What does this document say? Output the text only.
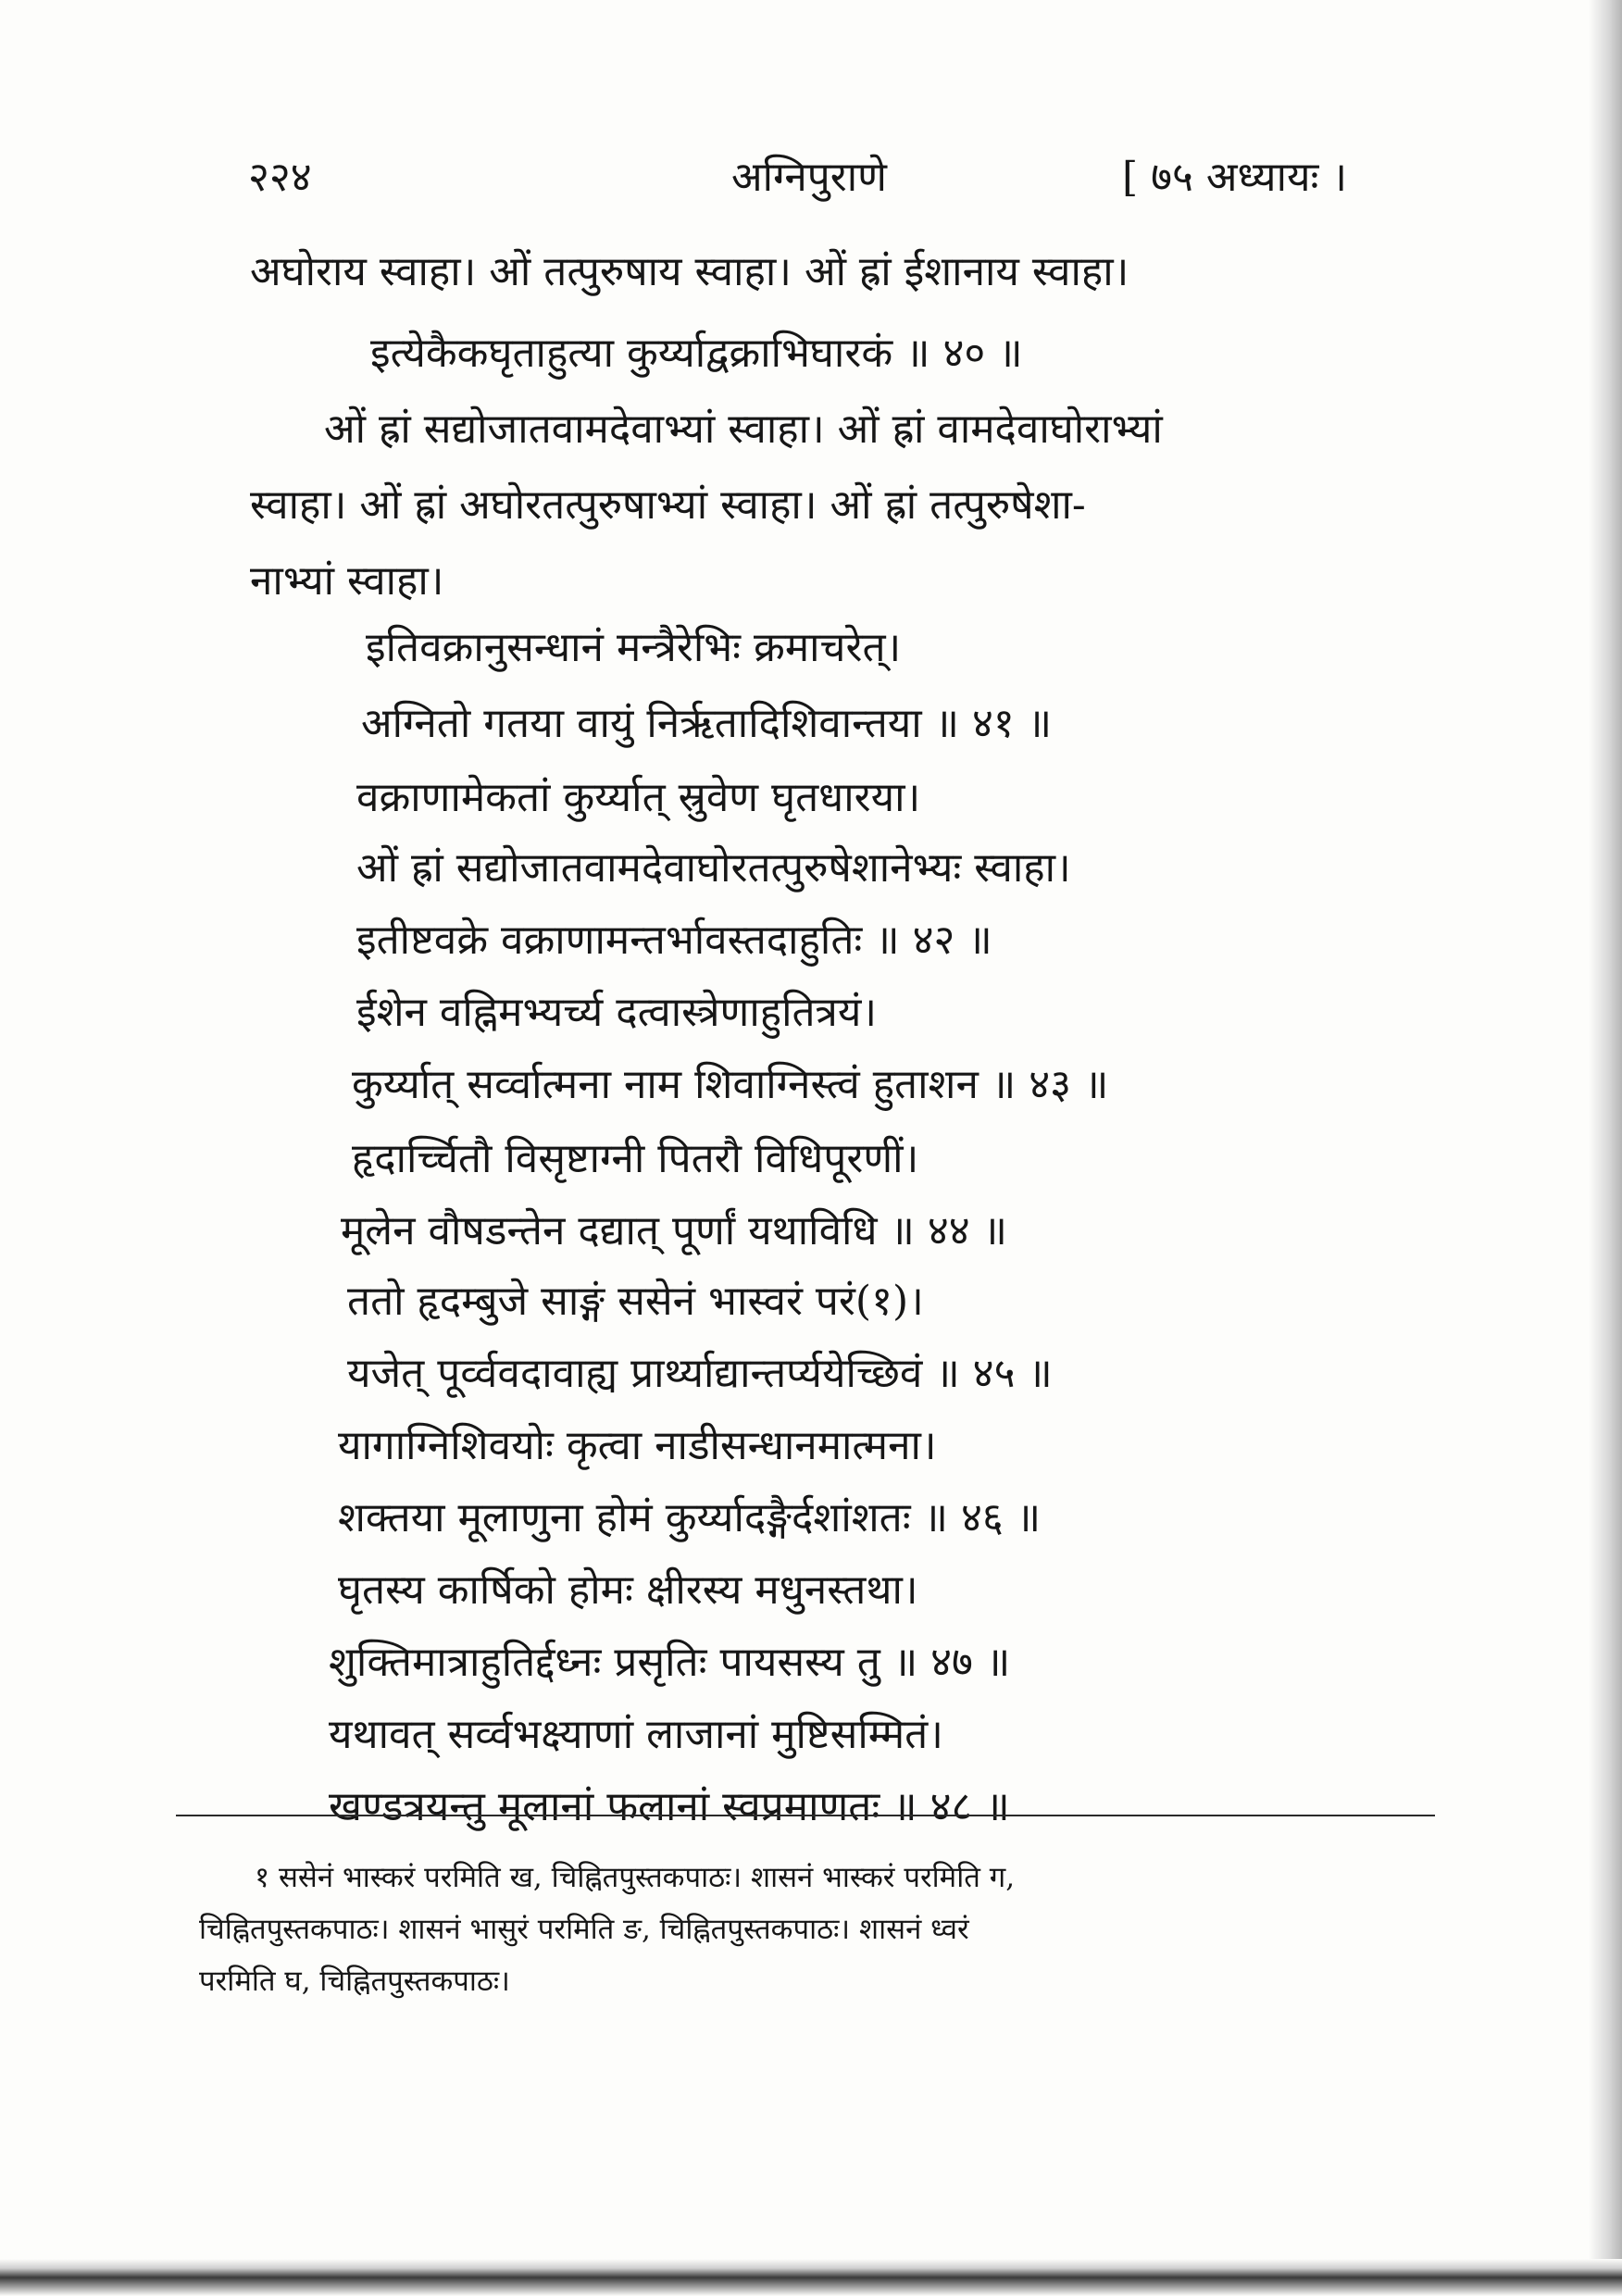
२२४	अग्निपुराणे	[ ७५ अध्यायः ।
अघोराय स्वाहा। ओं तत्पुरुषाय स्वाहा। ओं ह्रां ईशानाय स्वाहा।
इत्येकैकघृताहुत्या कुर्य्याद्वक्राभिघारकं ॥ ४० ॥
ओं ह्रां सद्योजातवामदेवाभ्यां स्वाहा। ओं ह्रां वामदेवाघोराभ्यां
स्वाहा। ओं ह्रां अघोरतत्पुरुषाभ्यां स्वाहा। ओं ह्रां तत्पुरुषेशा-
नाभ्यां स्वाहा।
इतिवक्रानुसन्धानं मन्त्रैरेभिः क्रमाचरेत्।
अग्नितो गतया वायुं निर्ऋतादिशिवान्तया ॥ ४१ ॥
वक्राणामेकतां कुर्य्यात् स्रुवेण घृतधारया।
ओं ह्रां सद्योजातवामदेवाघोरतत्पुरुषेशानेभ्यः स्वाहा।
इतीष्टवक्रे वक्राणामन्तर्भावस्तदाहुतिः ॥ ४२ ॥
ईशेन वह्निमभ्यर्च्य दत्वास्त्रेणाहुतित्रयं।
कुर्य्यात् सर्व्वात्मना नाम शिवाग्निस्त्वं हुताशन ॥ ४३ ॥
हृदार्च्चितौ विसृष्टाग्नी पितरौ विधिपूरणीं।
मूलेन वौषडन्तेन दद्यात् पूर्णां यथाविधि ॥ ४४ ॥
ततो हृदम्बुजे साङ्गं ससेनं भास्वरं परं(१)।
यजेत् पूर्व्ववदावाह्य प्रार्थ्याद्यान्तर्प्ययेच्छिवं ॥ ४५ ॥
यागाग्निशिवयोः कृत्वा नाडीसन्धानमात्मना।
शक्तया मूलाणुना होमं कुर्य्यादङ्गैर्दशांशतः ॥ ४६ ॥
घृतस्य कार्षिको होमः क्षीरस्य मधुनस्तथा।
शुक्तिमात्राहुतिर्द्दध्नः प्रसृतिः पायसस्य तु ॥ ४७ ॥
यथावत् सर्व्वभक्ष्याणां लाजानां मुष्टिसम्मितं।
खण्डत्रयन्तु मूलानां फलानां स्वप्रमाणतः ॥ ४८ ॥
१ ससेनं भास्करं परमिति ख, चिह्नितपुस्तकपाठः। शासनं भास्करं परमिति ग,
चिह्नितपुस्तकपाठः। शासनं भासुरं परमिति ङ, चिह्नितपुस्तकपाठः। शासनं ध्वरं
परमिति घ, चिह्नितपुस्तकपाठः।
